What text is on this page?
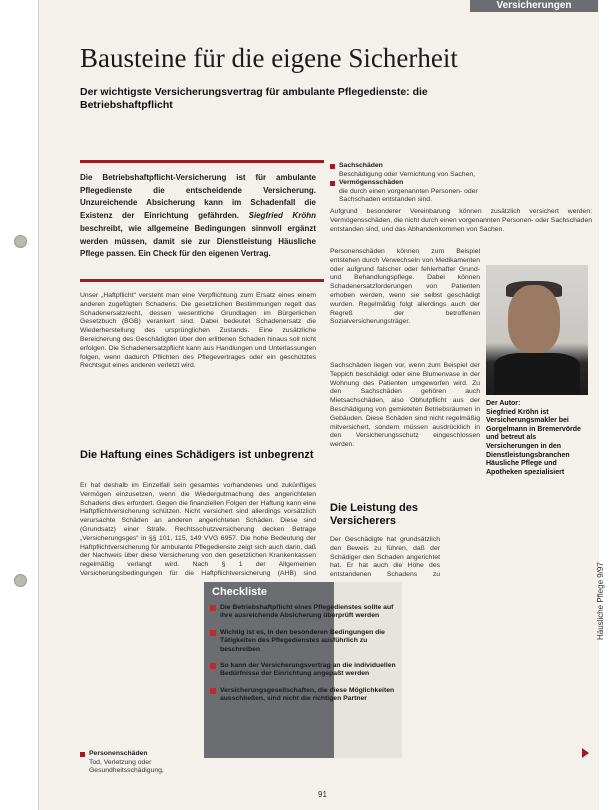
Versicherungen
Bausteine für die eigene Sicherheit
Der wichtigste Versicherungsvertrag für ambulante Pflegedienste: die Betriebshaftpflicht
Die Betriebshaftpflicht-Versicherung ist für ambulante Pflegedienste die entscheidende Versicherung. Unzureichende Absicherung kann im Schadenfall die Existenz der Einrichtung gefährden. Siegfried Kröhn beschreibt, wie allgemeine Bedingungen sinnvoll ergänzt werden müssen, damit sie zur Dienstleistung Häusliche Pflege passen. Ein Check für den eigenen Vertrag.
Unser „Haftpflicht“ versteht man eine Verpflichtung zum Ersatz eines einem anderen zugefügten Schadens. Die gesetzlichen Bestimmungen regelt das Schadenersatzrecht, dessen wesentliche Grundlagen im Bürgerlichen Gesetzbuch (BGB) verankert sind. Dabei bedeutet Schadenersatz die Wiederherstellung des ursprünglichen Zustands. Eine zusätzliche Bereicherung des Geschädigten über den erlittenen Schaden hinaus soll nicht erfolgen. Die Schadenersatzpflicht kann aus Handlungen und Unterlassungen folgen, wenn dadurch Pflichten des Pflegevertrages oder ein geschütztes Rechtsgut eines anderen verletzt wird.
Die Haftung eines Schädigers ist unbegrenzt
Er hat deshalb im Einzelfall sein gesamtes vorhandenes und zukünftiges Vermögen einzusetzen, wenn die Wiedergutmachung des angerichteten Schadens dies erfordert. Gegen die finanziellen Folgen der Haftung kann eine Haftpflichtversicherung schützen. Nicht versichert sind allerdings vorsätzlich verursachte Schäden an anderen angerichteten Schäden. Diese sind (Grundsatz) einer Strafe. Rechtsschutzversicherung decken Betrage „Versicherungsges“ in §§ 101, 115, 149 VVG 6957. Die hohe Bedeutung der Haftpflichtversicherung für ambulante Pflegedienste zeigt sich auch darin, daß der Nachweis über diese Versicherung von den gesetzlichen Krankenkassen regelmäßig verlangt wird. Nach § 1 der Allgemeinen Versicherungsbedingungen für die Haftpflichtversicherung (AHB) sind
Personenschäden
Tod, Verletzung oder Gesundheitsschädigung,
Sachschäden
Beschädigung oder Vernichtung von Sachen,
Vermögensschäden
die durch einen vorgenannten Personen- oder Sachschaden entstanden sind.
Aufgrund besonderer Vereinbarung können zusätzlich versichert werden: Vermögensschäden, die nicht durch einen vorgenannten Personen- oder Sachschaden entstanden sind, und das Abhandenkommen von Sachen.
Personenschäden können zum Beispiel entstehen durch Verwechseln von Medikamenten oder aufgrund falscher oder fehlerhafter Grund- und Behandlungspflege. Dabei können Schadenersatzforderungen von Patienten erhoben werden, wenn sie selbst geschädigt wurden. Regelmäßig folgt allerdings auch der Regreß der betroffenen Sozialversicherungsträger.
Sachschäden liegen vor, wenn zum Beispiel der Teppich beschädigt oder eine Blumenvase in der Wohnung des Patienten umgeworfen wird. Zu den Sachschäden gehören auch Mietsachschäden, also Obhutpflicht aus der Beschädigung von gemieteten Betriebsräumen in Gebäuden. Diese Schäden sind nicht regelmäßig mitversichert, sondern müssen ausdrücklich in den Versicherungsschutz eingeschlossen werden.
Die Leistung des Versicherers
Der Geschädigte hat grundsätzlich den Beweis zu führen, daß der Schädiger den Schaden angerichtet hat. Er hat auch die Höhe des entstandenen Schadens zu
Der Autor:
Siegfried Kröhn ist Versicherungsmakler bei Gorgelmann in Bremervörde und betreut als Versicherungen in den Dienstleistungsbranchen Häusliche Pflege und Apotheken spezialisiert
Checkliste
Die Betriebshaftpflicht eines Pflegedienstes sollte auf ihre ausreichende Absicherung überprüft werden
Wichtig ist es, in den besonderen Bedingungen die Tätigkeiten des Pflegedienstes ausführlich zu beschreiben
So kann der Versicherungsvertrag an die individuellen Bedürfnisse der Einrichtung angepaßt werden
Versicherungsgesellschaften, die diese Möglichkeiten ausschließen, sind nicht die richtigen Partner
Häusliche Pflege 9/97
91
